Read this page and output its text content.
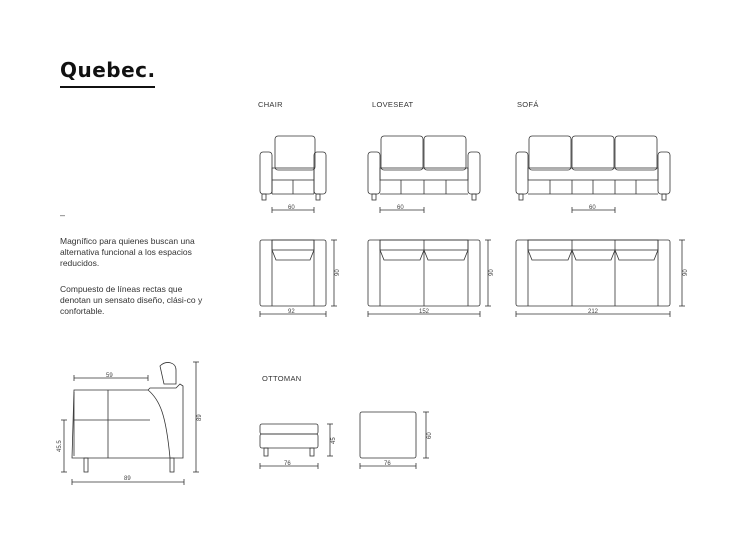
Quebec.
CHAIR	LOVESEAT	SOFÁ
OTTOMAN
–
Magnífico para quienes buscan una alternativa funcional a los espacios reducidos.
Compuesto de líneas rectas que denotan un sensato diseño, clási-co y confortable.
60	60	60
92	152	212
90	90	90
59
89
45.5
89
76
45
76
60
